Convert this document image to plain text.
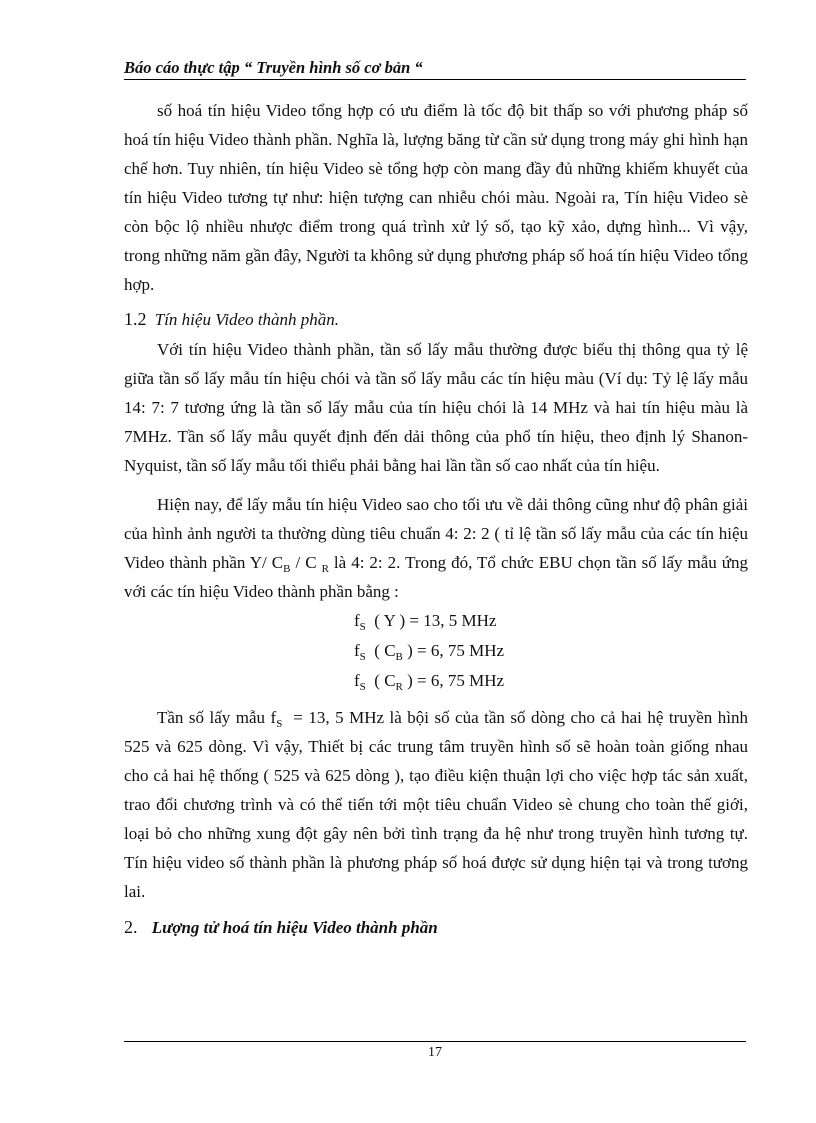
Báo cáo thực tập “ Truyền hình số cơ bản “

số hoá tín hiệu Video tổng hợp có ưu điểm là tốc độ bit thấp so với phương pháp số hoá tín hiệu Video thành phần. Nghĩa là, lượng băng từ cần sử dụng trong máy ghi hình hạn chế hơn. Tuy nhiên, tín hiệu Video sè tổng hợp còn mang đầy đủ những khiếm khuyết của tín hiệu Video tương tự như: hiện tượng can nhiễu chói màu. Ngoài ra, Tín hiệu Video sè còn bộc lộ nhiều nhược điểm trong quá trình xử lý số, tạo kỹ xảo, dựng hình... Vì vậy, trong những năm gần đây, Người ta không sử dụng phương pháp số hoá tín hiệu Video tổng hợp.

1.2 Tín hiệu Video thành phần.

Với tín hiệu Video thành phần, tần số lấy mẫu thường được biểu thị thông qua tỷ lệ giữa tần số lấy mẫu tín hiệu chói và tần số lấy mẫu các tín hiệu màu (Ví dụ: Tỷ lệ lấy mẫu 14: 7: 7 tương ứng là tần số lấy mẫu của tín hiệu chói là 14 MHz và hai tín hiệu màu là 7MHz. Tần số lấy mẫu quyết định đến dải thông của phổ tín hiệu, theo định lý Shanon- Nyquist, tần số lấy mẫu tối thiểu phải bằng hai lần tần số cao nhất của tín hiệu.

Hiện nay, để lấy mẫu tín hiệu Video sao cho tối ưu về dải thông cũng như độ phân giải của hình ảnh người ta thường dùng tiêu chuẩn 4: 2: 2 ( tỉ lệ tần số lấy mẫu của các tín hiệu Video thành phần Y/ $C_B$ / C $_R$ là 4: 2: 2. Trong đó, Tổ chức EBU chọn tần số lấy mẫu ứng với các tín hiệu Video thành phần bằng :

$f_S$  ( Y ) = 13, 5 MHz
$f_S$  ( $C_B$ ) = 6, 75 MHz
$f_S$  ( $C_R$ ) = 6, 75 MHz

Tần số lấy mẫu $f_S = 13$, 5 MHz là bội số của tần số dòng cho cả hai hệ truyền hình 525 và 625 dòng. Vì vậy, Thiết bị các trung tâm truyền hình số sẽ hoàn toàn giống nhau cho cả hai hệ thống ( 525 và 625 dòng ), tạo điều kiện thuận lợi cho việc hợp tác sản xuất, trao đổi chương trình và có thể tiến tới một tiêu chuẩn Video sè chung cho toàn thế giới, loại bỏ cho những xung đột gây nên bởi tình trạng đa hệ như trong truyền hình tương tự. Tín hiệu video số thành phần là phương pháp số hoá được sử dụng hiện tại và trong tương lai.

2. Lượng tử hoá tín hiệu Video thành phần
17
